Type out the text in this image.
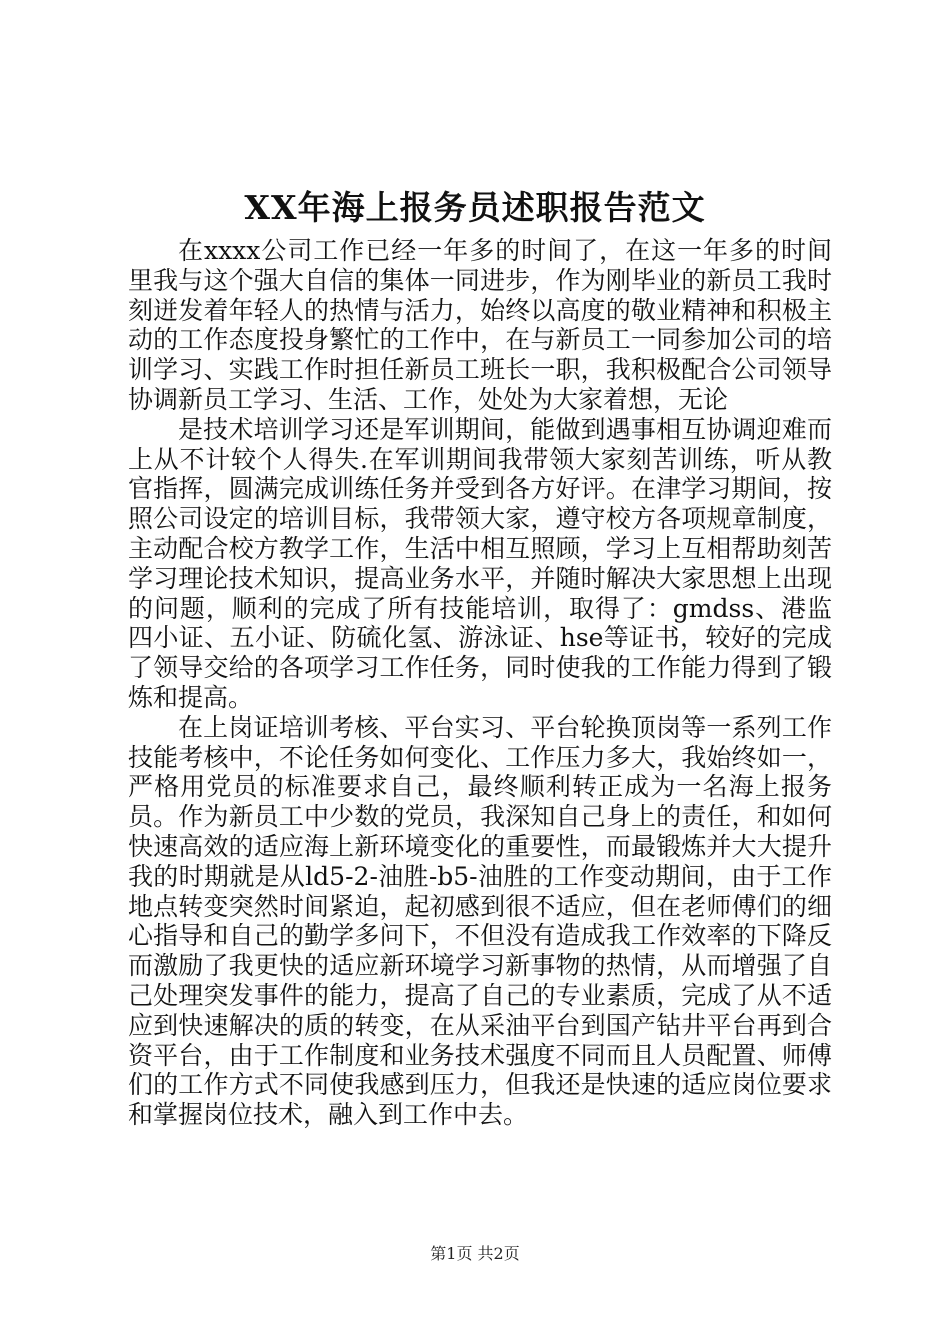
XX年海上报务员述职报告范文

在xxxx公司工作已经一年多的时间了，在这一年多的时间里我与这个强大自信的集体一同进步，作为刚毕业的新员工我时刻迸发着年轻人的热情与活力，始终以高度的敬业精神和积极主动的工作态度投身繁忙的工作中，在与新员工一同参加公司的培训学习、实践工作时担任新员工班长一职，我积极配合公司领导协调新员工学习、生活、工作，处处为大家着想，无论

是技术培训学习还是军训期间，能做到遇事相互协调迎难而上从不计较个人得失.在军训期间我带领大家刻苦训练，听从教官指挥，圆满完成训练任务并受到各方好评。在津学习期间，按照公司设定的培训目标，我带领大家，遵守校方各项规章制度，主动配合校方教学工作，生活中相互照顾，学习上互相帮助刻苦学习理论技术知识，提高业务水平，并随时解决大家思想上出现的问题，顺利的完成了所有技能培训，取得了：gmdss、港监四小证、五小证、防硫化氢、游泳证、hse等证书，较好的完成了领导交给的各项学习工作任务，同时使我的工作能力得到了锻炼和提高。

在上岗证培训考核、平台实习、平台轮换顶岗等一系列工作技能考核中，不论任务如何变化、工作压力多大，我始终如一，严格用党员的标准要求自己，最终顺利转正成为一名海上报务员。作为新员工中少数的党员，我深知自己身上的责任，和如何快速高效的适应海上新环境变化的重要性，而最锻炼并大大提升我的时期就是从ld5-2-油胜-b5-油胜的工作变动期间，由于工作地点转变突然时间紧迫，起初感到很不适应，但在老师傅们的细心指导和自己的勤学多问下，不但没有造成我工作效率的下降反而激励了我更快的适应新环境学习新事物的热情，从而增强了自己处理突发事件的能力，提高了自己的专业素质，完成了从不适应到快速解决的质的转变，在从采油平台到国产钻井平台再到合资平台，由于工作制度和业务技术强度不同而且人员配置、师傅们的工作方式不同使我感到压力，但我还是快速的适应岗位要求和掌握岗位技术，融入到工作中去。

第1页 共2页
